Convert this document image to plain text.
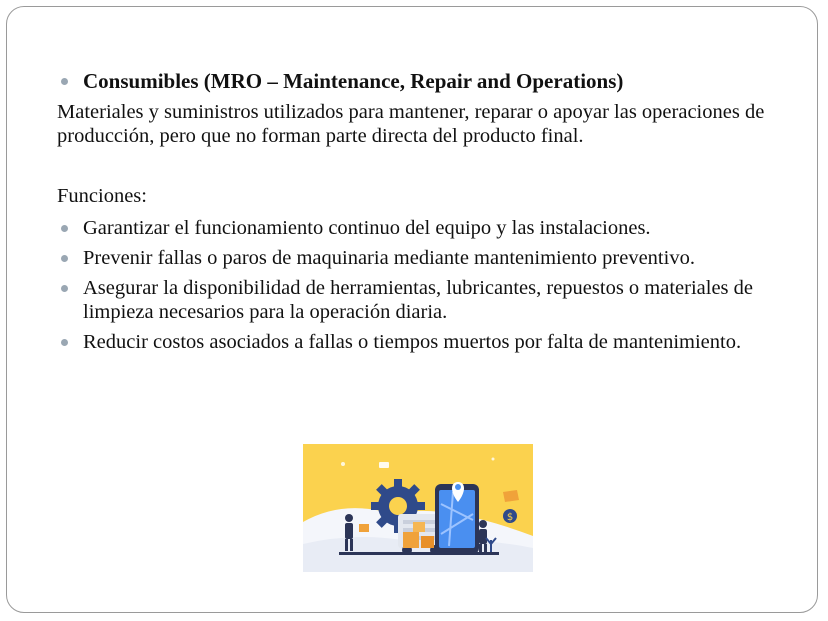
Consumibles (MRO – Maintenance, Repair and Operations)
Materiales y suministros utilizados para mantener, reparar o apoyar las operaciones de producción, pero que no forman parte directa del producto final.
Funciones:
Garantizar el funcionamiento continuo del equipo y las instalaciones.
Prevenir fallas o paros de maquinaria mediante mantenimiento preventivo.
Asegurar la disponibilidad de herramientas, lubricantes, repuestos o materiales de limpieza necesarios para la operación diaria.
Reducir costos asociados a fallas o tiempos muertos por falta de mantenimiento.
$
